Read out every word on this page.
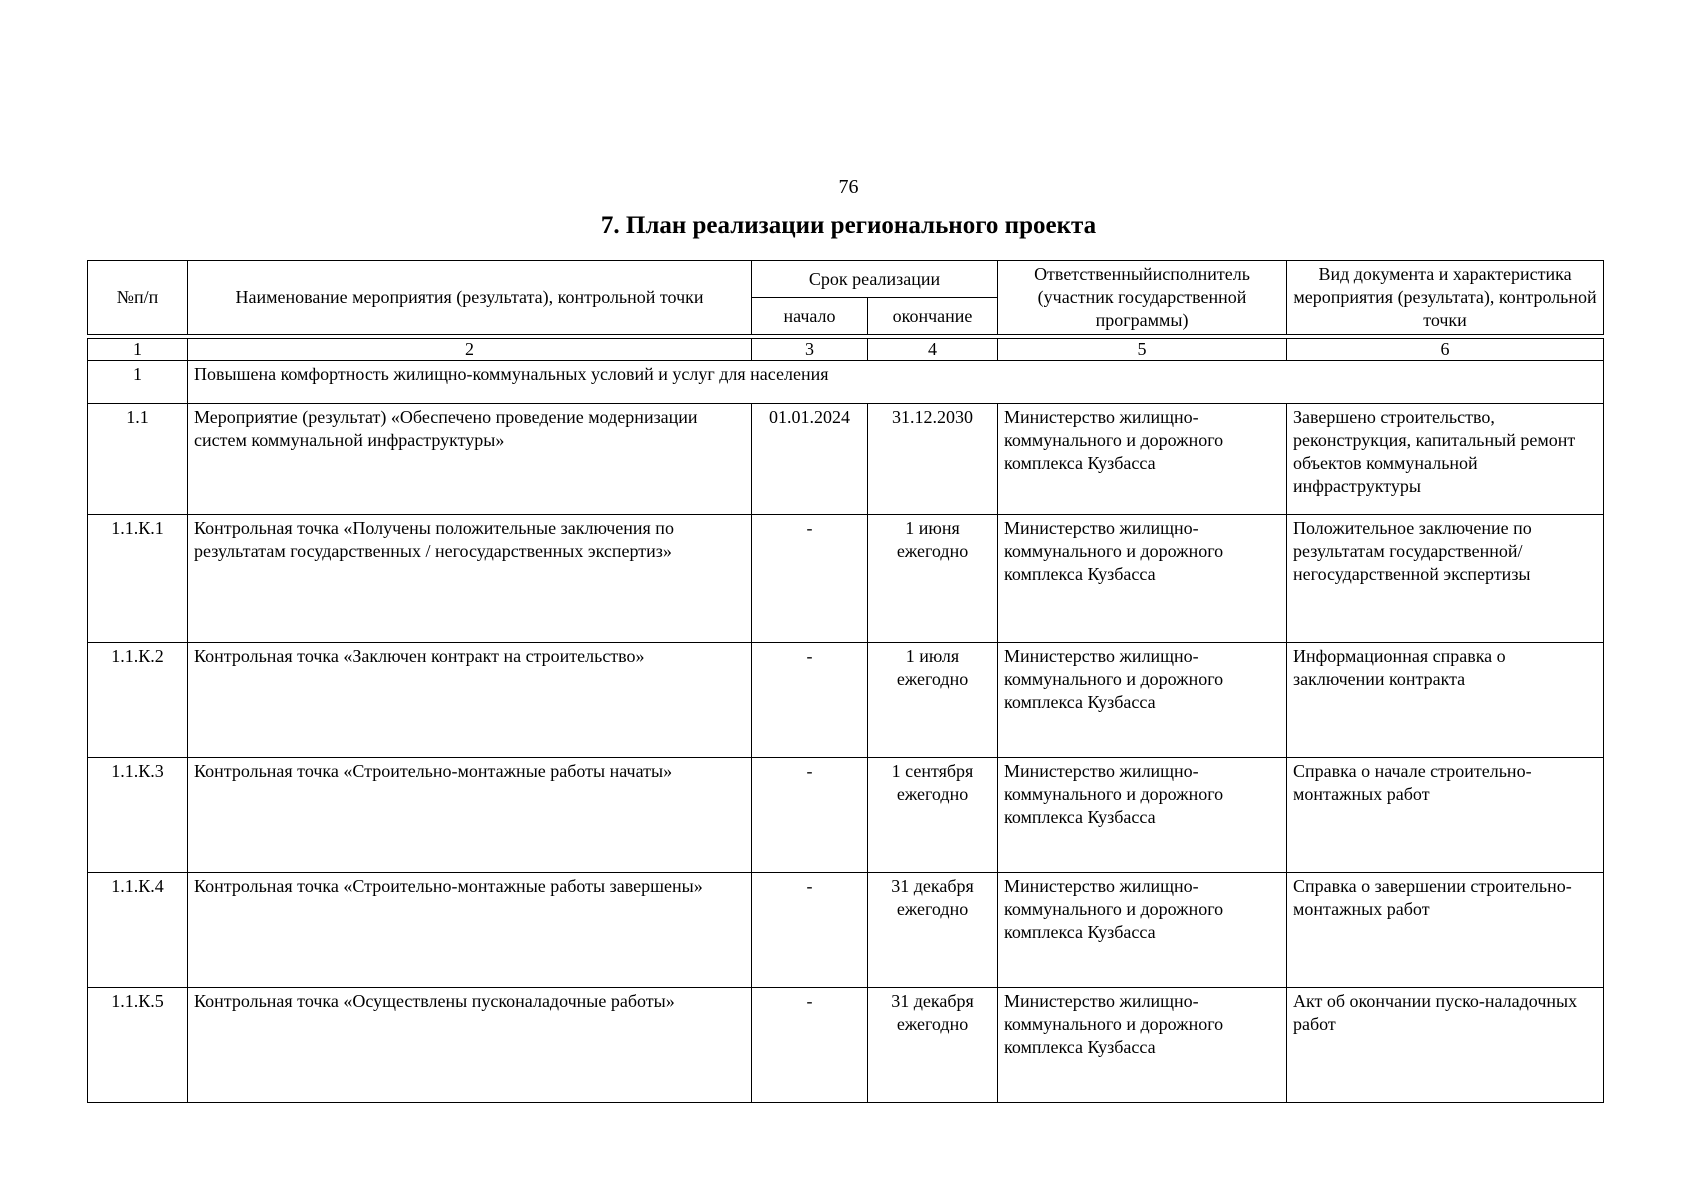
76
7. План реализации регионального проекта
№п/п	Наименование мероприятия (результата), контрольной точки	Срок реализации		Ответственныйисполнитель (участник государственной программы)	Вид документа и характеристика мероприятия (результата), контрольной точки
		начало	окончание		

1	2	3	4	5	6
1	Повышена комфортность жилищно-коммунальных условий и услуг для населения				
1.1	Мероприятие (результат) «Обеспечено проведение модернизации систем коммунальной инфраструктуры»	01.01.2024	31.12.2030	Министерство жилищно-коммунального и дорожного комплекса Кузбасса	Завершено строительство, реконструкция, капитальный ремонт объектов коммунальной инфраструктуры
1.1.К.1	Контрольная точка «Получены положительные заключения по результатам государственных / негосударственных экспертиз»	-	1 июня ежегодно	Министерство жилищно-коммунального и дорожного комплекса Кузбасса	Положительное заключение по результатам государственной/ негосударственной экспертизы
1.1.К.2	Контрольная точка «Заключен контракт на строительство»	-	1 июля ежегодно	Министерство жилищно-коммунального и дорожного комплекса Кузбасса	Информационная справка о заключении контракта
1.1.К.3	Контрольная точка «Строительно-монтажные работы начаты»	-	1 сентября ежегодно	Министерство жилищно-коммунального и дорожного комплекса Кузбасса	Справка о начале строительно-монтажных работ
1.1.К.4	Контрольная точка «Строительно-монтажные работы завершены»	-	31 декабря ежегодно	Министерство жилищно-коммунального и дорожного комплекса Кузбасса	Справка о завершении строительно-монтажных работ
1.1.К.5	Контрольная точка «Осуществлены пусконаладочные работы»	-	31 декабря ежегодно	Министерство жилищно-коммунального и дорожного комплекса Кузбасса	Акт об окончании пуско-наладочных работ
